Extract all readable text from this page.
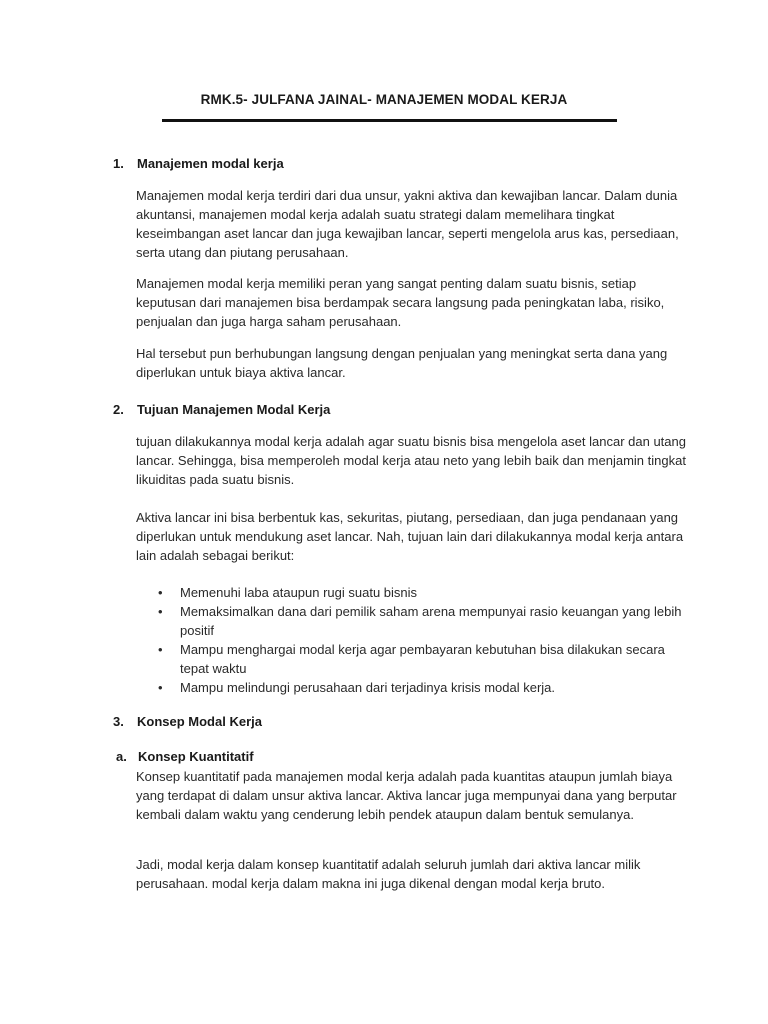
RMK.5- JULFANA JAINAL- MANAJEMEN MODAL KERJA
1. Manajemen modal kerja

Manajemen modal kerja terdiri dari dua unsur, yakni aktiva dan kewajiban lancar. Dalam dunia akuntansi, manajemen modal kerja adalah suatu strategi dalam memelihara tingkat keseimbangan aset lancar dan juga kewajiban lancar, seperti mengelola arus kas, persediaan, serta utang dan piutang perusahaan.

Manajemen modal kerja memiliki peran yang sangat penting dalam suatu bisnis, setiap keputusan dari manajemen bisa berdampak secara langsung pada peningkatan laba, risiko, penjualan dan juga harga saham perusahaan.

Hal tersebut pun berhubungan langsung dengan penjualan yang meningkat serta dana yang diperlukan untuk biaya aktiva lancar.

2. Tujuan Manajemen Modal Kerja

tujuan dilakukannya modal kerja adalah agar suatu bisnis bisa mengelola aset lancar dan utang lancar. Sehingga, bisa memperoleh modal kerja atau neto yang lebih baik dan menjamin tingkat likuiditas pada suatu bisnis.

Aktiva lancar ini bisa berbentuk kas, sekuritas, piutang, persediaan, dan juga pendanaan yang diperlukan untuk mendukung aset lancar. Nah, tujuan lain dari dilakukannya modal kerja antara lain adalah sebagai berikut:

• Memenuhi laba ataupun rugi suatu bisnis
• Memaksimalkan dana dari pemilik saham arena mempunyai rasio keuangan yang lebih positif
• Mampu menghargai modal kerja agar pembayaran kebutuhan bisa dilakukan secara tepat waktu
• Mampu melindungi perusahaan dari terjadinya krisis modal kerja.
3. Konsep Modal Kerja
a. Konsep Kuantitatif

Konsep kuantitatif pada manajemen modal kerja adalah pada kuantitas ataupun jumlah biaya yang terdapat di dalam unsur aktiva lancar. Aktiva lancar juga mempunyai dana yang berputar kembali dalam waktu yang cenderung lebih pendek ataupun dalam bentuk semulanya.

Jadi, modal kerja dalam konsep kuantitatif adalah seluruh jumlah dari aktiva lancar milik perusahaan. modal kerja dalam makna ini juga dikenal dengan modal kerja bruto.
